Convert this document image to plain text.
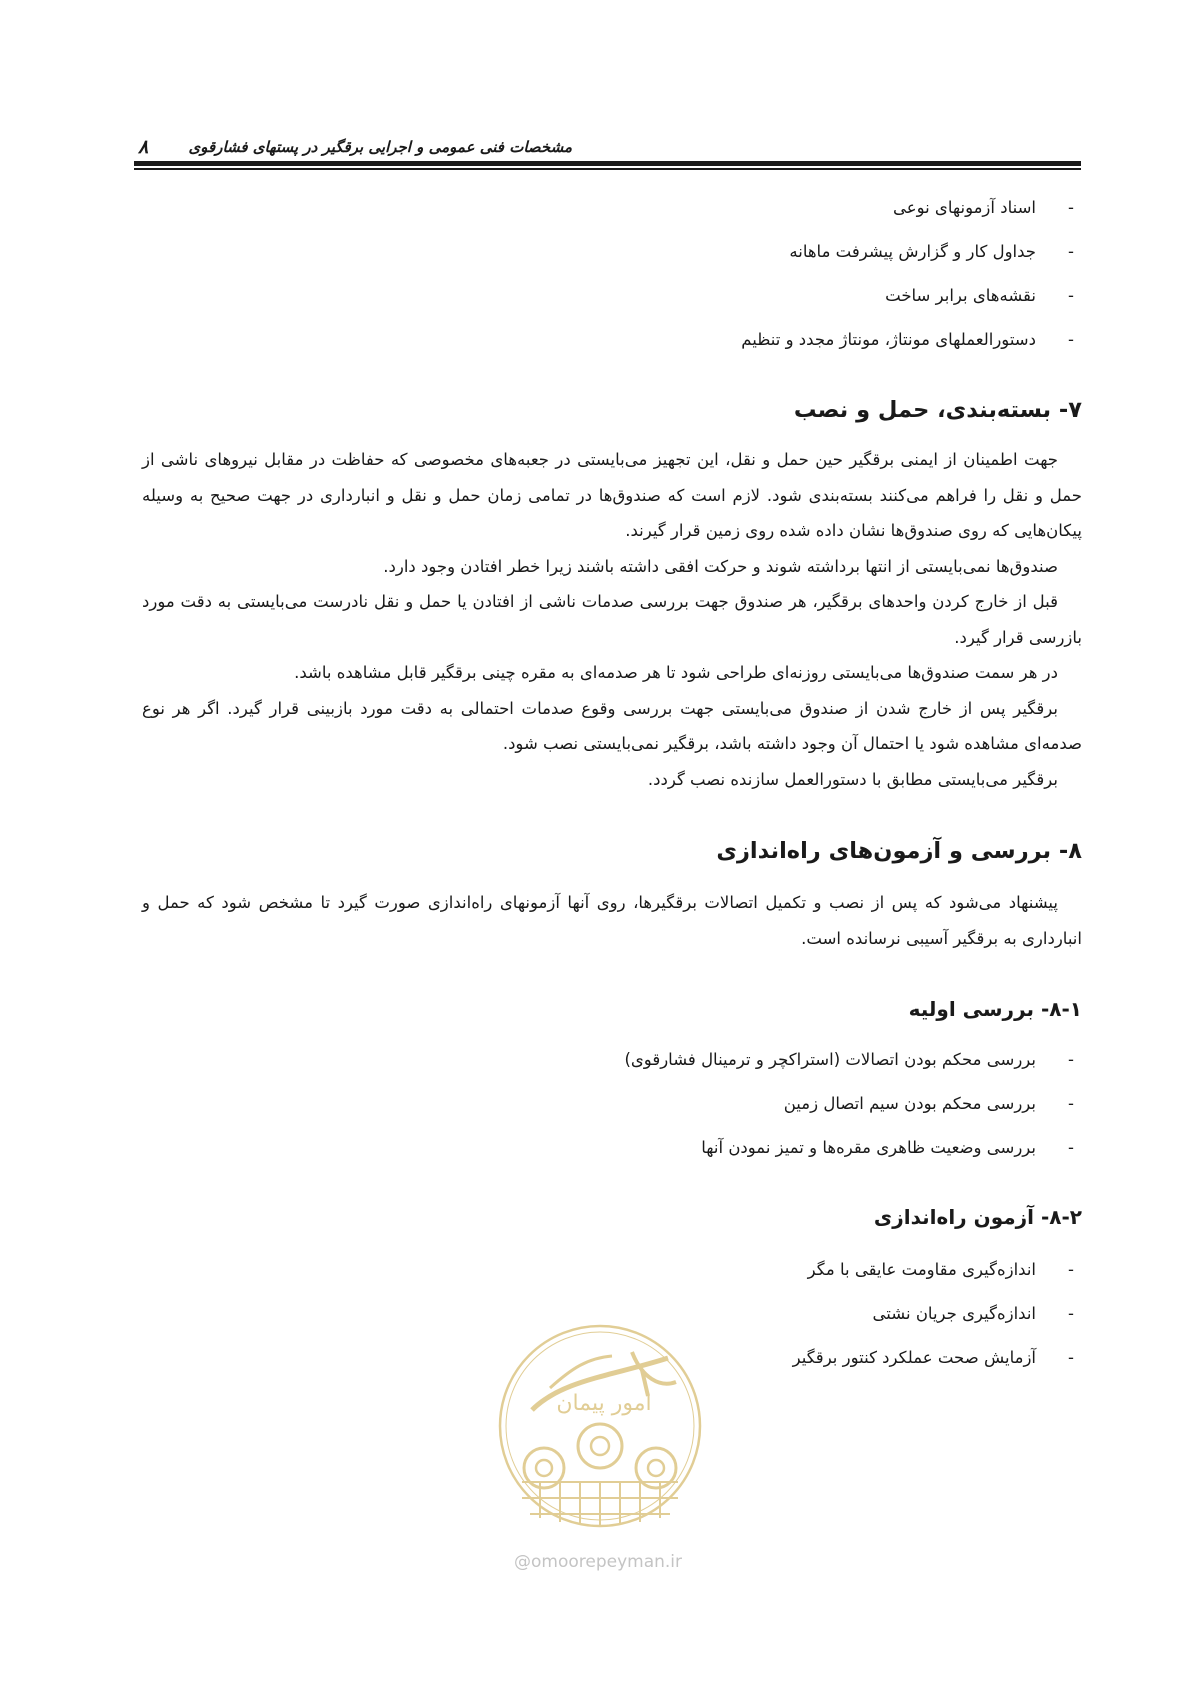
۸	مشخصات فنی عمومی و اجرایی برقگیر در پستهای فشارقوی
-
اسناد آزمونهای نوعی
-
جداول کار و گزارش پیشرفت ماهانه
-
نقشه‌های برابر ساخت
-
دستورالعملهای مونتاژ، مونتاژ مجدد و تنظیم
۷- بسته‌بندی، حمل و نصب

جهت اطمینان از ایمنی برقگیر حین حمل و نقل، این تجهیز می‌بایستی در جعبه‌های مخصوصی که حفاظت در مقابل نیروهای ناشی از حمل و نقل را فراهم می‌کنند بسته‌بندی شود. لازم است که صندوق‌ها در تمامی زمان حمل و نقل و انبارداری در جهت صحیح به وسیله پیکان‌هایی که روی صندوق‌ها نشان داده شده روی زمین قرار گیرند.

صندوق‌ها نمی‌بایستی از انتها برداشته شوند و حرکت افقی داشته باشند زیرا خطر افتادن وجود دارد.

قبل از خارج کردن واحدهای برقگیر، هر صندوق جهت بررسی صدمات ناشی از افتادن یا حمل و نقل نادرست می‌بایستی به دقت مورد بازرسی قرار گیرد.

در هر سمت صندوق‌ها می‌بایستی روزنه‌ای طراحی شود تا هر صدمه‌ای به مقره چینی برقگیر قابل مشاهده باشد.

برقگیر پس از خارج شدن از صندوق می‌بایستی جهت بررسی وقوع صدمات احتمالی به دقت مورد بازبینی قرار گیرد. اگر هر نوع صدمه‌ای مشاهده شود یا احتمال آن وجود داشته باشد، برقگیر نمی‌بایستی نصب شود.

برقگیر می‌بایستی مطابق با دستورالعمل سازنده نصب گردد.

۸- بررسی و آزمون‌های راه‌اندازی

پیشنهاد می‌شود که پس از نصب و تکمیل اتصالات برقگیرها، روی آنها آزمونهای راه‌اندازی صورت گیرد تا مشخص شود که حمل و انبارداری به برقگیر آسیبی نرسانده است.

۸-۱- بررسی اولیه
-
بررسی محکم بودن اتصالات (استراکچر و ترمینال فشارقوی)
-
بررسی محکم بودن سیم اتصال زمین
-
بررسی وضعیت ظاهری مقره‌ها و تمیز نمودن آنها
۸-۲- آزمون راه‌اندازی
-
اندازه‌گیری مقاومت عایقی با مگر
-
اندازه‌گیری جریان نشتی
-
آزمایش صحت عملکرد کنتور برقگیر
امور پیمان
@omoorepeyman.ir
